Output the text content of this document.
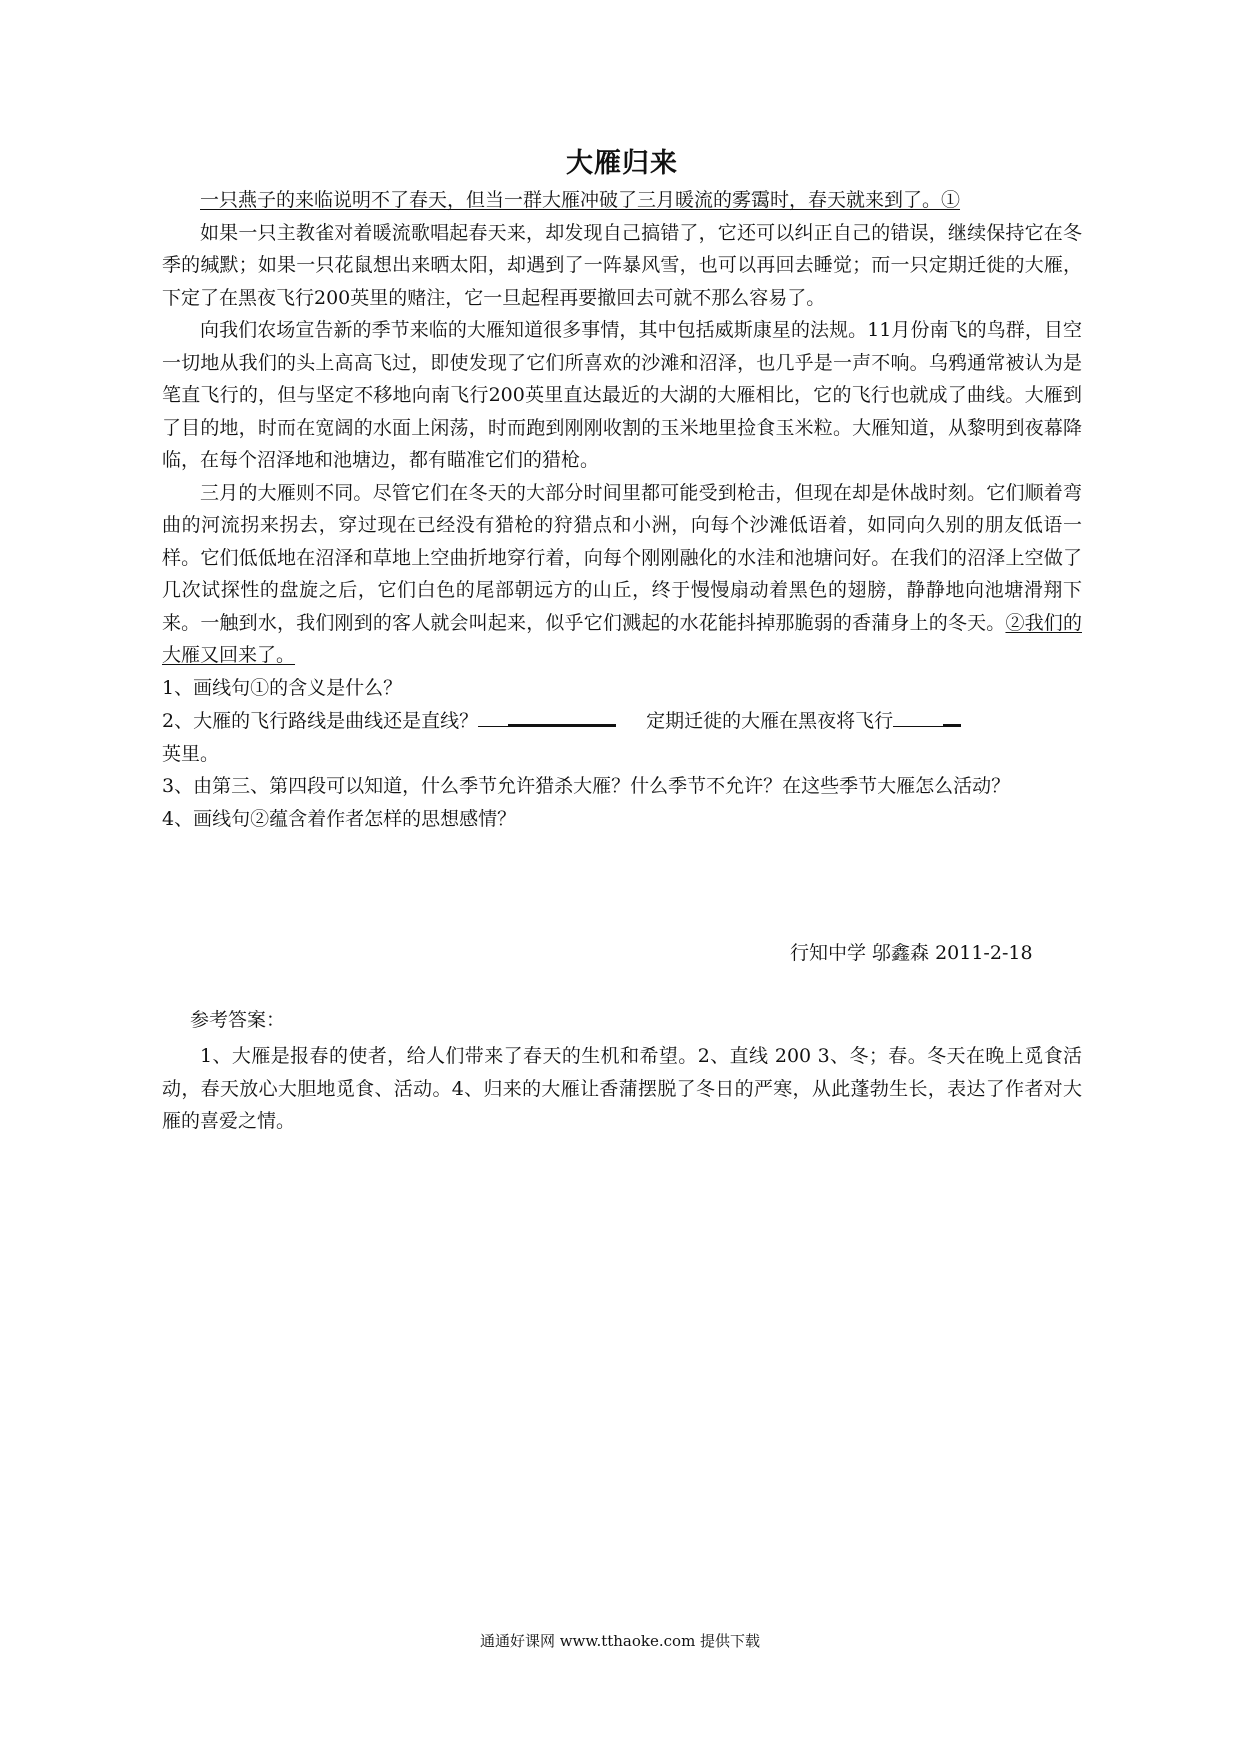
大雁归来

一只燕子的来临说明不了春天，但当一群大雁冲破了三月暖流的雾霭时，春天就来到了。①

如果一只主教雀对着暖流歌唱起春天来，却发现自己搞错了，它还可以纠正自己的错误，继续保持它在冬季的缄默；如果一只花鼠想出来晒太阳，却遇到了一阵暴风雪，也可以再回去睡觉；而一只定期迁徙的大雁，下定了在黑夜飞行200英里的赌注，它一旦起程再要撤回去可就不那么容易了。

向我们农场宣告新的季节来临的大雁知道很多事情，其中包括威斯康星的法规。11月份南飞的鸟群，目空一切地从我们的头上高高飞过，即使发现了它们所喜欢的沙滩和沼泽，也几乎是一声不响。乌鸦通常被认为是笔直飞行的，但与坚定不移地向南飞行200英里直达最近的大湖的大雁相比，它的飞行也就成了曲线。大雁到了目的地，时而在宽阔的水面上闲荡，时而跑到刚刚收割的玉米地里捡食玉米粒。大雁知道，从黎明到夜幕降临，在每个沼泽地和池塘边，都有瞄准它们的猎枪。

三月的大雁则不同。尽管它们在冬天的大部分时间里都可能受到枪击，但现在却是休战时刻。它们顺着弯曲的河流拐来拐去，穿过现在已经没有猎枪的狩猎点和小洲，向每个沙滩低语着，如同向久别的朋友低语一样。它们低低地在沼泽和草地上空曲折地穿行着，向每个刚刚融化的水洼和池塘问好。在我们的沼泽上空做了几次试探性的盘旋之后，它们白色的尾部朝远方的山丘，终于慢慢扇动着黑色的翅膀，静静地向池塘滑翔下来。一触到水，我们刚到的客人就会叫起来，似乎它们溅起的水花能抖掉那脆弱的香蒲身上的冬天。②我们的大雁又回来了。

1、画线句①的含义是什么？

2、大雁的飞行路线是曲线还是直线？	定期迁徙的大雁在黑夜将飞行
英里。

3、由第三、第四段可以知道，什么季节允许猎杀大雁？什么季节不允许？在这些季节大雁怎么活动？

4、画线句②蕴含着作者怎样的思想感情？

行知中学 邬鑫森 2011-2-18
参考答案：

1、大雁是报春的使者，给人们带来了春天的生机和希望。2、直线 200 3、冬；春。冬天在晚上觅食活动，春天放心大胆地觅食、活动。4、归来的大雁让香蒲摆脱了冬日的严寒，从此蓬勃生长，表达了作者对大雁的喜爱之情。

通通好课网 www.tthaoke.com 提供下载
